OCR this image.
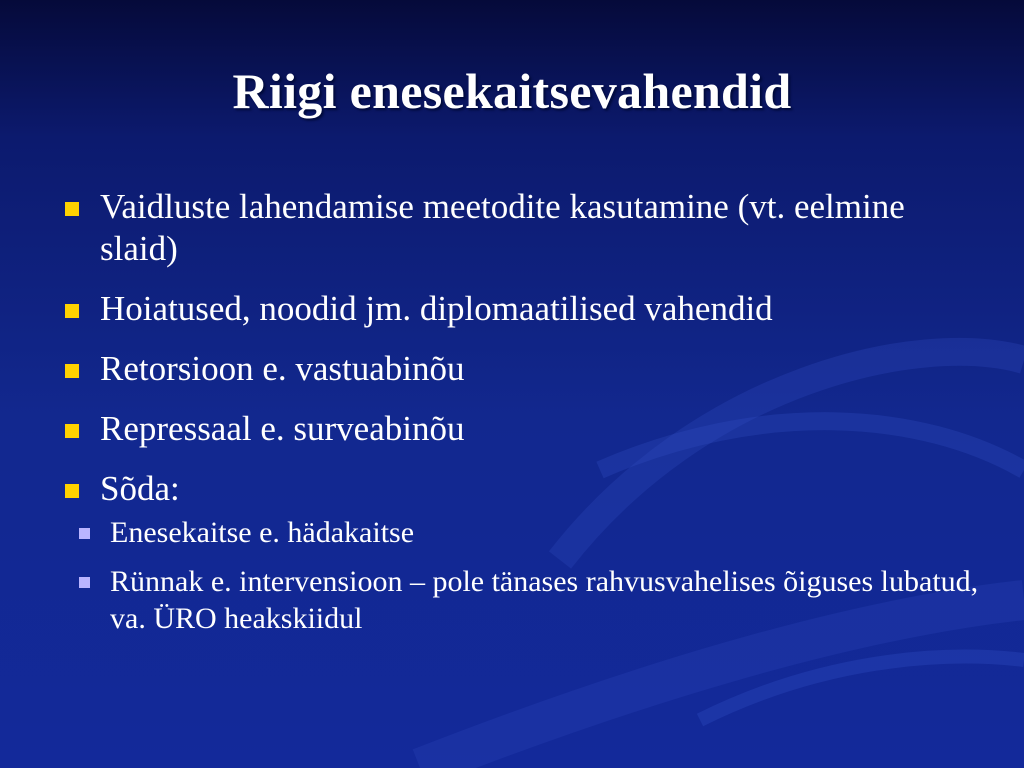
Riigi enesekaitsevahendid
Vaidluste lahendamise meetodite kasutamine (vt. eelmine slaid)
Hoiatused, noodid jm. diplomaatilised vahendid
Retorsioon e. vastuabinõu
Repressaal e. surveabinõu
Sõda:
Enesekaitse e. hädakaitse
Rünnak e. intervensioon – pole tänases rahvusvahelises õiguses lubatud, va. ÜRO heakskiidul
